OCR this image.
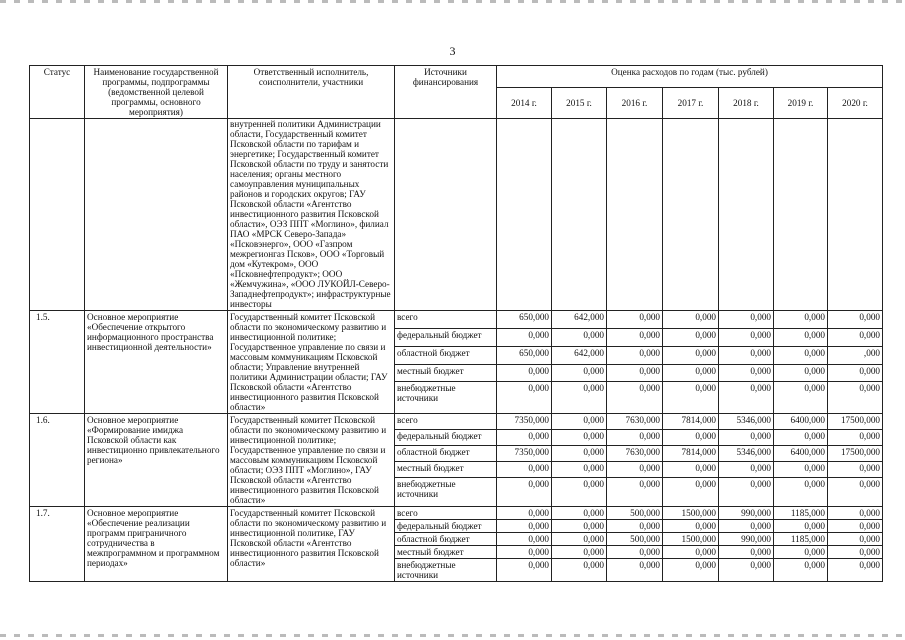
3
Статус	Наименование государственной программы, подпрограммы (ведомственной целевой программы, основного мероприятия)	Ответственный исполнитель, соисполнители, участники	Источники финансирования	Оценка расходов по годам (тыс. рублей)						
				2014 г.	2015 г.	2016 г.	2017 г.	2018 г.	2019 г.	2020 г.
		внутренней политики Администрации области, Государственный комитет Псковской области по тарифам и энергетике; Государственный комитет Псковской области по труду и занятости населения; органы местного самоуправления муниципальных районов и городских округов; ГАУ Псковской области «Агентство инвестиционного развития Псковской области», ОЭЗ ППТ «Моглино», филиал ПАО «МРСК Северо-Запада» «Псковэнерго», ООО «Газпром межрегионгаз Псков», ООО «Торговый дом «Кутекром», ООО «Псковнефтепродукт»; ООО «Жемчужина», «ООО ЛУКОЙЛ-Северо-Западнефтепродукт»; инфраструктурные инвесторы								
1.5.	Основное мероприятие «Обеспечение открытого информационного пространства инвестиционной деятельности»	Государственный комитет Псковской области по экономическому развитию и инвестиционной политике; Государственное управление по связи и массовым коммуникациям Псковской области; Управление внутренней политики Администрации области; ГАУ Псковской области «Агентство инвестиционного развития Псковской области»	всего	650,000	642,000	0,000	0,000	0,000	0,000	0,000
			федеральный бюджет	0,000	0,000	0,000	0,000	0,000	0,000	0,000
			областной бюджет	650,000	642,000	0,000	0,000	0,000	0,000	,000
			местный бюджет	0,000	0,000	0,000	0,000	0,000	0,000	0,000
			внебюджетные источники	0,000	0,000	0,000	0,000	0,000	0,000	0,000
1.6.	Основное мероприятие «Формирование имиджа Псковской области как инвестиционно привлекательного региона»	Государственный комитет Псковской области по экономическому развитию и инвестиционной политике; Государственное управление по связи и массовым коммуникациям Псковской области; ОЭЗ ППТ «Моглино», ГАУ Псковской области «Агентство инвестиционного развития Псковской области»	всего	7350,000	0,000	7630,000	7814,000	5346,000	6400,000	17500,000
			федеральный бюджет	0,000	0,000	0,000	0,000	0,000	0,000	0,000
			областной бюджет	7350,000	0,000	7630,000	7814,000	5346,000	6400,000	17500,000
			местный бюджет	0,000	0,000	0,000	0,000	0,000	0,000	0,000
			внебюджетные источники	0,000	0,000	0,000	0,000	0,000	0,000	0,000
1.7.	Основное мероприятие «Обеспечение реализации программ приграничного сотрудничества в межпрограммном и программном периодах»	Государственный комитет Псковской области по экономическому развитию и инвестиционной политике, ГАУ Псковской области «Агентство инвестиционного развития Псковской области»	всего	0,000	0,000	500,000	1500,000	990,000	1185,000	0,000
			федеральный бюджет	0,000	0,000	0,000	0,000	0,000	0,000	0,000
			областной бюджет	0,000	0,000	500,000	1500,000	990,000	1185,000	0,000
			местный бюджет	0,000	0,000	0,000	0,000	0,000	0,000	0,000
			внебюджетные источники	0,000	0,000	0,000	0,000	0,000	0,000	0,000
